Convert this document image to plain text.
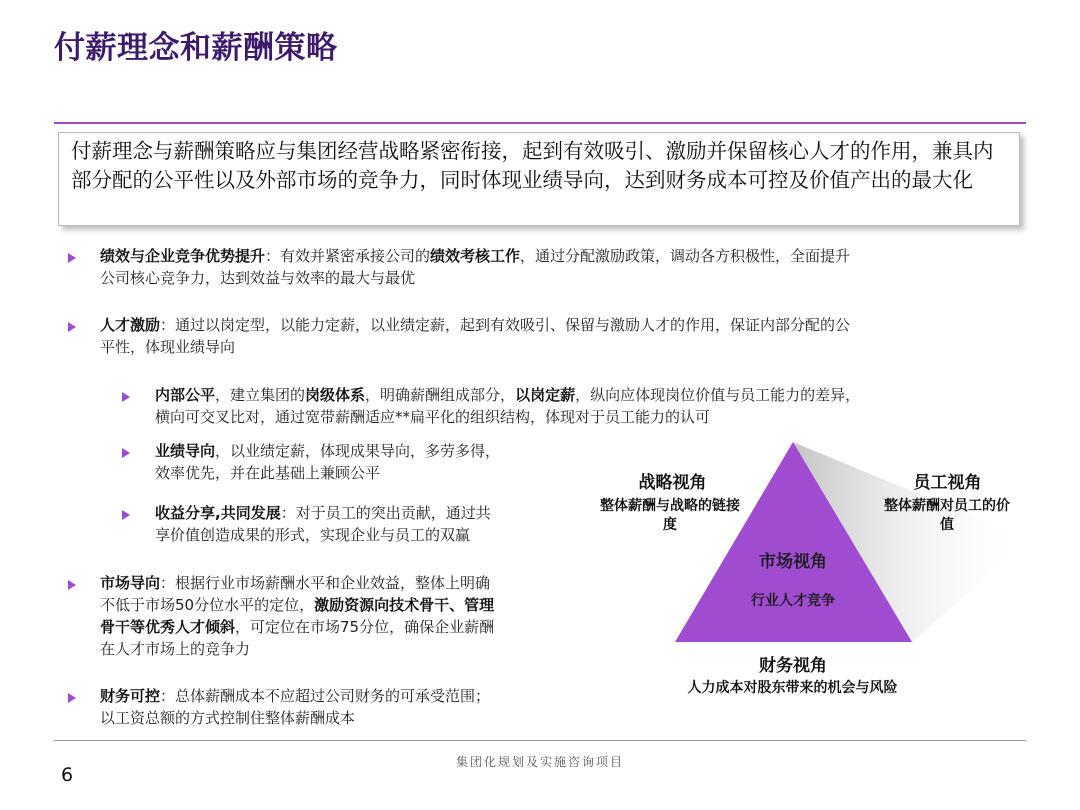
付薪理念和薪酬策略
付薪理念与薪酬策略应与集团经营战略紧密衔接，起到有效吸引、激励并保留核心人才的作用，兼具内部分配的公平性以及外部市场的竞争力，同时体现业绩导向，达到财务成本可控及价值产出的最大化
绩效与企业竞争优势提升：有效并紧密承接公司的绩效考核工作，通过分配激励政策，调动各方积极性，全面提升
公司核心竞争力，达到效益与效率的最大与最优
人才激励：通过以岗定型，以能力定薪，以业绩定薪，起到有效吸引、保留与激励人才的作用，保证内部分配的公
平性，体现业绩导向
内部公平，建立集团的岗级体系，明确薪酬组成部分，以岗定薪，纵向应体现岗位价值与员工能力的差异，
横向可交叉比对，通过宽带薪酬适应**扁平化的组织结构，体现对于员工能力的认可
业绩导向，以业绩定薪，体现成果导向，多劳多得，
效率优先，并在此基础上兼顾公平
收益分享,共同发展：对于员工的突出贡献，通过共
享价值创造成果的形式，实现企业与员工的双赢
市场导向：根据行业市场薪酬水平和企业效益，整体上明确
不低于市场50分位水平的定位，激励资源向技术骨干、管理
骨干等优秀人才倾斜，可定位在市场75分位，确保企业薪酬
在人才市场上的竞争力
财务可控：总体薪酬成本不应超过公司财务的可承受范围；
以工资总额的方式控制住整体薪酬成本
战略视角
整体薪酬与战略的链接度
员工视角
整体薪酬对员工的价值
市场视角
行业人才竞争
财务视角
人力成本对股东带来的机会与风险
集团化规划及实施咨询项目
6
